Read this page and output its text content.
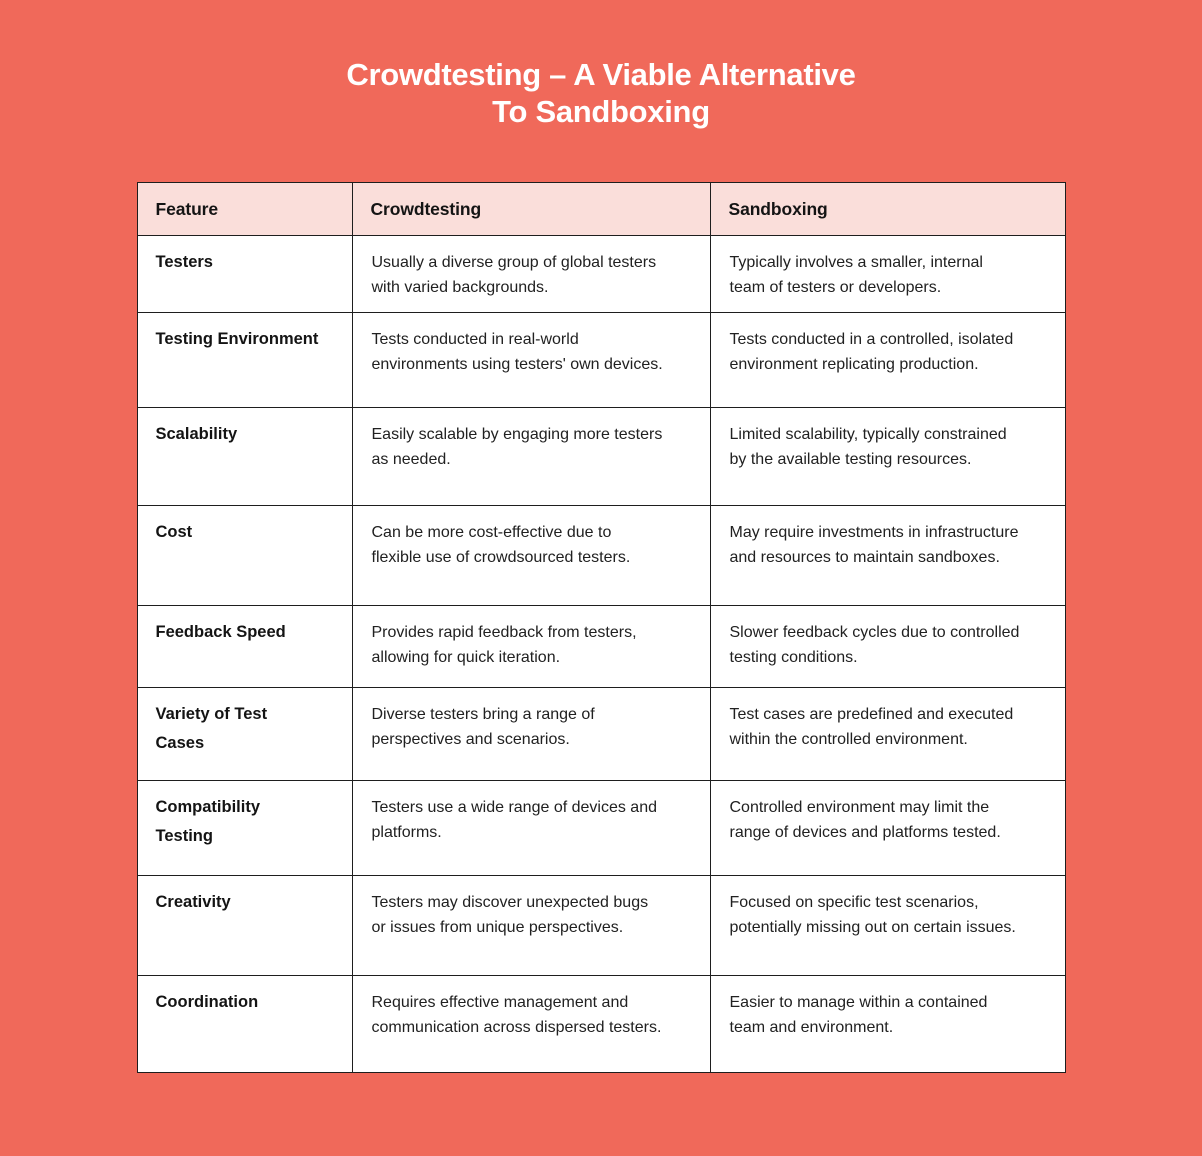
Crowdtesting – A Viable Alternative
To Sandboxing
Feature	Crowdtesting	Sandboxing
Testers	Usually a diverse group of global testers with varied backgrounds.	Typically involves a smaller, internal team of testers or developers.
Testing Environment	Tests conducted in real-world environments using testers' own devices.	Tests conducted in a controlled, isolated environment replicating production.
Scalability	Easily scalable by engaging more testers as needed.	Limited scalability, typically constrained by the available testing resources.
Cost	Can be more cost-effective due to flexible use of crowdsourced testers.	May require investments in infrastructure and resources to maintain sandboxes.
Feedback Speed	Provides rapid feedback from testers, allowing for quick iteration.	Slower feedback cycles due to controlled testing conditions.
Variety of Test Cases	Diverse testers bring a range of perspectives and scenarios.	Test cases are predefined and executed within the controlled environment.
Compatibility Testing	Testers use a wide range of devices and platforms.	Controlled environment may limit the range of devices and platforms tested.
Creativity	Testers may discover unexpected bugs or issues from unique perspectives.	Focused on specific test scenarios, potentially missing out on certain issues.
Coordination	Requires effective management and communication across dispersed testers.	Easier to manage within a contained team and environment.
